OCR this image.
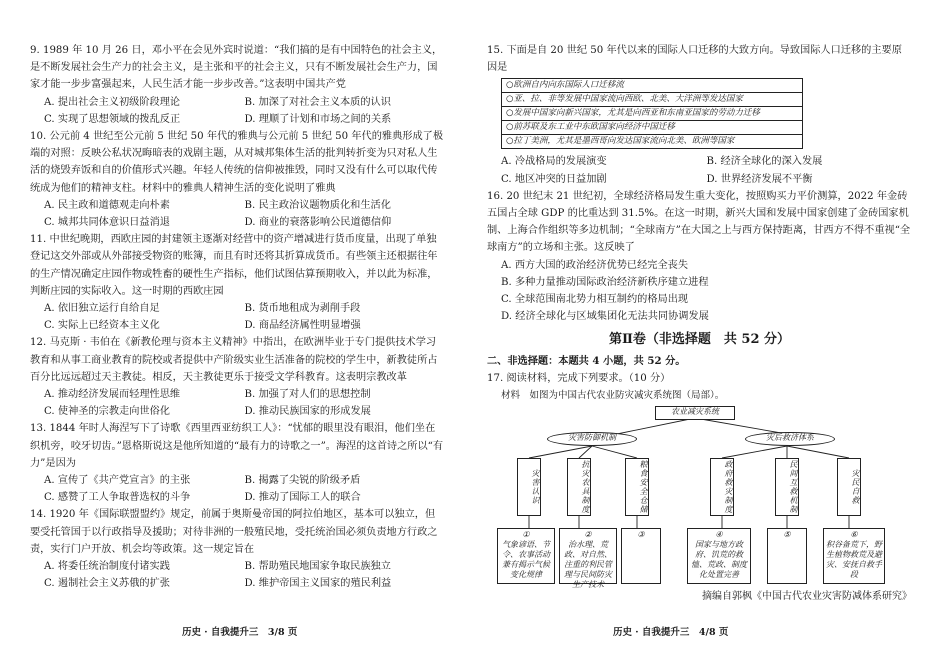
9. 1989 年 10 月 26 日，邓小平在会见外宾时说道：“我们搞的是有中国特色的社会主义，是不断发展社会生产力的社会主义，是主张和平的社会主义，只有不断发展社会生产力，国家才能一步步富强起来，人民生活才能一步步改善。”这表明中国共产党

A. 提出社会主义初级阶段理论	B. 加深了对社会主义本质的认识
C. 实现了思想领域的拨乱反正	D. 理顺了计划和市场之间的关系

10. 公元前 4 世纪至公元前 5 世纪 50 年代的雅典与公元前 5 世纪 50 年代的雅典形成了极端的对照：反映公私状况晦暗表的戏剧主题，从对城邦集体生活的批判转折变为只对私人生活的烧毁弃饭和自的价值形式兴趣。年轻人传统的信仰被推毁，同时又没有什么可以取代传统成为他们的精神支柱。材料中的雅典人精神生活的变化说明了雅典

A. 民主政和道德观走向朴素	B. 民主政治议题物质化和生活化
C. 城邦共同体意识日益消退	D. 商业的衰落影响公民道德信仰

11. 中世纪晚期，西欧庄园的封建领主逐渐对经营中的资产增减进行货币度量，出现了单独登记这交外部或从外部接受物资的账簿，而且有时还将其折算成货币。有些领主还根据往年的生产情况确定庄园作物或牲畜的硬性生产指标，他们试图估算预期收入，并以此为标准，判断庄园的实际收入。这一时期的西欧庄园

A. 依旧独立运行自给自足	B. 货币地租成为剥削手段
C. 实际上已经资本主义化	D. 商品经济属性明显增强

12. 马克斯 · 韦伯在《新教伦理与资本主义精神》中指出，在欧洲毕业于专门提供技术学习教育和从事工商业教育的院校或者提供中产阶级实业生活准备的院校的学生中，新教徒所占百分比远远超过天主教徒。相反，天主教徒更乐于接受文学科教育。这表明宗教改革

A. 推动经济发展而轻理性思维	B. 加强了对人们的思想控制
C. 使神圣的宗教走向世俗化	D. 推动民族国家的形成发展

13. 1844 年时人海涅写下了诗歌《西里西亚纺织工人》：“忧郁的眼里没有眼泪，他们坐在织机旁，咬牙切齿。”恩格斯说这是他所知道的“最有力的诗歌之一”。海涅的这首诗之所以“有力”是因为

A. 宣传了《共产党宣言》的主张	B. 揭露了尖锐的阶级矛盾
C. 感赞了工人争取普选权的斗争	D. 推动了国际工人的联合

14. 1920 年《国际联盟盟约》规定，前属于奥斯曼帝国的阿拉伯地区，基本可以独立，但要受托管国于以行政指导及援助；对待非洲的一般殖民地，受托统治国必须负责地方行政之责，实行门户开放、机会均等政策。这一规定旨在

A. 将委任统治制度付诸实践	B. 帮助殖民地国家争取民族独立
C. 遏制社会主义苏俄的扩张	D. 维护帝国主义国家的殖民利益
历史 · 自我提升三　3/8 页

15. 下面是自 20 世纪 50 年代以来的国际人口迁移的大致方向。导致国际人口迁移的主要原因是

○欧洲自内向东国际人口迁移流
○亚、拉、非等发展中国家流向西欧、北美、大洋洲等发达国家
○发展中国家向新兴国家，尤其是向西亚和东南亚国家的劳动力迁移
○前苏联及东工业中东欧国家向经济中国迁移
○拉丁美洲，尤其是墨西哥向发达国家流向北美、欧洲等国家
A. 冷战格局的发展演变	B. 经济全球化的深入发展
C. 地区冲突的日益加剧	D. 世界经济发展不平衡

16. 20 世纪末 21 世纪初，全球经济格局发生重大变化，按照购买力平价测算，2022 年金砖五国占全球 GDP 的比重达到 31.5%。在这一时期，新兴大国和发展中国家创建了金砖国家机制、上海合作组织等多边机制；“全球南方”在大国之上与西方保持距离，甘西方不得不重视“全球南方”的立场和主张。这反映了

A. 西方大国的政治经济优势已经完全丧失
B. 多种力量推动国际政治经济新秩序建立进程
C. 全球范围南北势力相互制约的格局出现
D. 经济全球化与区域集团化无法共同协调发展
第Ⅱ卷（非选择题　共 52 分）
二、非选择题：本题共 4 小题，共 52 分。

17. 阅读材料，完成下列要求。（10 分）

材料　如图为中国古代农业防灾减灾系统图（局部）。

农业减灾系统
灾害防御机制	灾后救济体系
灾害认识	抗灾农具制度	粮食安全仓储	政府救灾制度	民间互救机制	灾民自救
①
气象谚语、节令、农事活动兼有揭示气候变化规律
②
治水理、荒政、对自然、注重的利民管理与民间防灾生产技术
③	④
国家与地方政府、饥荒的救恤、荒政、制度化处置完善
⑤	⑥
积谷备荒下，野生植物救荒及避灾、安抚自救手段
摘编自郭枫《中国古代农业灾害防减体系研究》
历史 · 自我提升三　4/8 页
